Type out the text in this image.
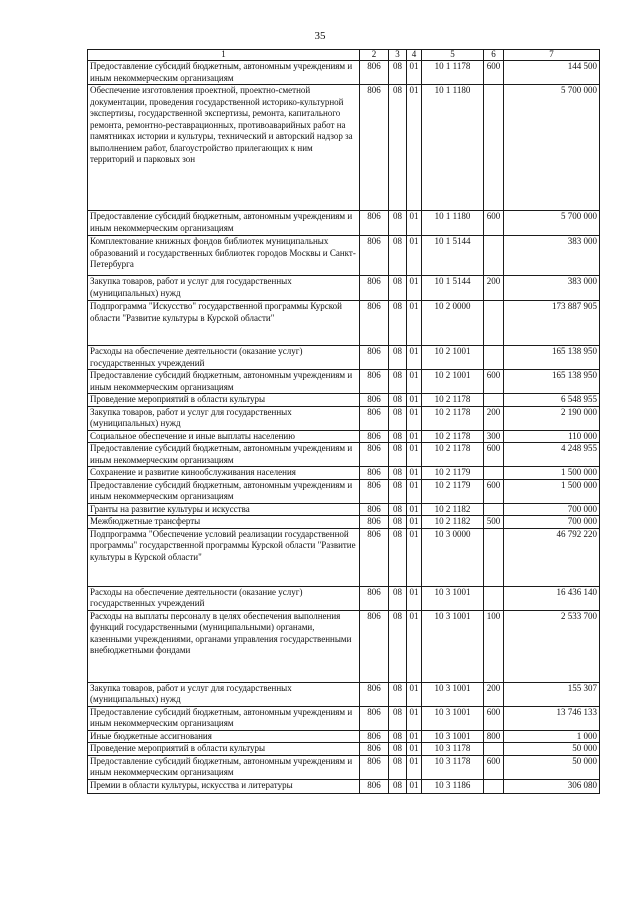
35
1	2	3	4	5	6	7
Предоставление субсидий бюджетным, автономным учреждениям и иным некоммерческим организациям	806	08	01	10 1 1178	600	144 500
Обеспечение изготовления проектной, проектно-сметной документации, проведения государственной историко-культурной экспертизы, государственной экспертизы, ремонта, капитального ремонта, ремонтно-реставрационных, противоаварийных работ на памятниках истории и культуры, технический и авторский надзор за выполнением работ, благоустройство прилегающих к ним территорий и парковых зон	806	08	01	10 1 1180		5 700 000
Предоставление субсидий бюджетным, автономным учреждениям и иным некоммерческим организациям	806	08	01	10 1 1180	600	5 700 000
Комплектование книжных фондов библиотек муниципальных образований и государственных библиотек городов Москвы и Санкт-Петербурга	806	08	01	10 1 5144		383 000
Закупка товаров, работ и услуг для государственных (муниципальных) нужд	806	08	01	10 1 5144	200	383 000
Подпрограмма "Искусство" государственной программы Курской области "Развитие культуры в Курской области"	806	08	01	10 2 0000		173 887 905
Расходы на обеспечение деятельности (оказание услуг) государственных учреждений	806	08	01	10 2 1001		165 138 950
Предоставление субсидий бюджетным, автономным учреждениям и иным некоммерческим организациям	806	08	01	10 2 1001	600	165 138 950
Проведение мероприятий в области культуры	806	08	01	10 2 1178		6 548 955
Закупка товаров, работ и услуг для государственных (муниципальных) нужд	806	08	01	10 2 1178	200	2 190 000
Социальное обеспечение и иные выплаты населению	806	08	01	10 2 1178	300	110 000
Предоставление субсидий бюджетным, автономным учреждениям и иным некоммерческим организациям	806	08	01	10 2 1178	600	4 248 955
Сохранение и развитие кинообслуживания населения	806	08	01	10 2 1179		1 500 000
Предоставление субсидий бюджетным, автономным учреждениям и иным некоммерческим организациям	806	08	01	10 2 1179	600	1 500 000
Гранты на развитие культуры и искусства	806	08	01	10 2 1182		700 000
Межбюджетные трансферты	806	08	01	10 2 1182	500	700 000
Подпрограмма "Обеспечение условий реализации государственной программы" государственной программы Курской области "Развитие культуры в Курской области"	806	08	01	10 3 0000		46 792 220
Расходы на обеспечение деятельности (оказание услуг) государственных учреждений	806	08	01	10 3 1001		16 436 140
Расходы на выплаты персоналу в целях обеспечения выполнения функций государственными (муниципальными) органами, казенными учреждениями, органами управления государственными внебюджетными фондами	806	08	01	10 3 1001	100	2 533 700
Закупка товаров, работ и услуг для государственных (муниципальных) нужд	806	08	01	10 3 1001	200	155 307
Предоставление субсидий бюджетным, автономным учреждениям и иным некоммерческим организациям	806	08	01	10 3 1001	600	13 746 133
Иные бюджетные ассигнования	806	08	01	10 3 1001	800	1 000
Проведение мероприятий в области культуры	806	08	01	10 3 1178		50 000
Предоставление субсидий бюджетным, автономным учреждениям и иным некоммерческим организациям	806	08	01	10 3 1178	600	50 000
Премии в области культуры, искусства и литературы	806	08	01	10 3 1186		306 080
